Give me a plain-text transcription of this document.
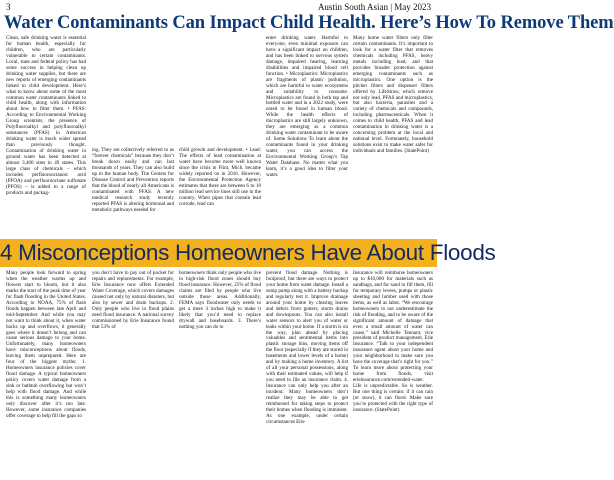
3	Austin South Asian | May 2023
Water Contaminants Can Impact Child Health. Here’s How To Remove Them

Clean, safe drinking water is essential for human health, especially for children, who are particularly vulnerable to certain contaminants. Local, state and federal policy has had some success in helping clean up drinking water supplies, but there are new reports of emerging contaminants linked to child development. Here’s what to know about some of the most common water contaminants linked to child health, along with information about how to filter them. • PFAS: According to Environmental Working Group scientists, the presence of Polyfluoroalkyl and polyfluoroalkyl substances (PFAS) in American drinking water is much wider spread than previously thought. Contamination of drinking water in ground water has been detected at almost 3,400 sites in 49 states. This large class of chemicals – which includes perfluorooctanoic acid (PFOA) and perfluorooctane sulfonate (PFOS) – is added to a range of products and packag-

ing. They are collectively referred to as “forever chemicals” because they don’t break down easily and can last thousands of years. They can also build up in the human body. The Centers for Disease Control and Prevention reports that the blood of nearly all Americans is contaminated with PFAS. A new medical research study recently reported PFAS is altering hormonal and metabolic pathways needed for

child growth and development. • Lead: The effects of lead contamination at water have become more well known since the crisis in Flint, Mich. became widely reported on in 2016. However, the Environmental Protection Agency estimates that there are between 6 to 10 million lead service lines still use in the country. When pipes that contain lead corrode, lead can

enter drinking water. Harmful to everyone, even minimal exposure can have a significant impact on children, and has been linked to nervous system damage, impaired hearing, learning disabilities and impaired blood cell function. • Microplastics: Microplastics are fragments of plastic pollution, which are harmful to water ecosystems and suitability to consume. Microplastics are found in both tap and bottled water and in a 2022 study, were noted to be found in human blood. While the health effects of microplastics are still largely unknown, they are emerging as a common drinking water contaminant to be aware of. Some Solutions To learn about the contaminants found in your drinking water, you can access the Environmental Working Group’s Tap Water Database. No matter what you learn, it’s a good idea to filter your water.

Many home water filters only filter certain contaminants. It’s important to look for a water filter that removes chemicals including PFAS, heavy metals including lead, and that provides broader protection against emerging contaminants such as microplastics. One option is the pitcher filters and dispenser filters offered by LifeStraw, which remove not only lead, PFAS and microplastics, but also bacteria, parasites and a variety of chemicals and compounds, including pharmaceuticals. When it comes to child health, PFAS and lead contamination in drinking water is a concerning problem at the local and national level. Fortunately, household solutions exist to make water safer for individuals and families. (StatePoint)

4 Misconceptions Homeowners Have About Floods

Many people look forward to spring when the weather warms up and flowers start to bloom, but it also marks the start of the peak time of year for flash flooding in the United States. According to NOAA, 75% of flash floods happen between late April and mid-September. And while you may not want to think about it, when water backs up and overflows, it generally goes where it doesn’t belong and can cause serious damage to your home. Unfortunately, many homeowners have misconceptions about floods, leaving them unprepared. Here are four of the biggest myths: 1. Homeowners insurance policies cover flood damage. A typical homeowners policy covers water damage from a sink or bathtub overflowing but won’t help with flood damage. And while this is something many homeowners only discover after it’s too late. However, some insurance companies offer coverage to help fill the gaps so

you don’t have to pay out of pocket for repairs and replacements. For example, Erie Insurance now offers Extended Water Coverage, which covers damages caused not only by natural disasters, but also by sewer and drain backups. 2. Only people who live in flood plains need flood insurance. A national survey commissioned by Erie Insurance found that 53% of

homeowners think only people who live in high-risk flood zones should buy flood insurance. However, 25% of flood claims are filed by people who live outside those areas. Additionally, FEMA says floodwater only needs to get a mere 3 inches high to make it likely that you’d need to replace drywall and baseboards. 3. There’s nothing you can do to

prevent flood damage. Nothing is foolproof, but there are ways to protect your home from water damage. Install a sump pump along with a battery backup and regularly test it. Improve drainage around your home by clearing leaves and debris from gutters, storm drains and downspouts. You can also install water sensors to alert you of water or leaks within your home. If a storm is on the way, plan ahead by placing valuables and sentimental items into plastic storage bins, moving items off the floor (especially if they are stored in basements and lower levels of a home) and by making a home inventory. A list of all your personal possessions, along with their estimated values, will help if you need to file an insurance claim. 4. Insurance can only help you after an incident. Many homeowners don’t realize they may be able to get reimbursed for taking steps to protect their homes when flooding is imminent. As one example, under certain circumstances Erie

Insurance will reimburse homeowners up to $10,000 for materials such as sandbags, and for sand to fill them, fill for temporary levees, pumps or plastic sheeting and lumber used with those items, as well as labor. “We encourage homeowners to not underestimate the risk of flooding, and to be aware of the significant amount of damage that even a small amount of water can cause,” said Michelle Tennant, vice president of product management, Erie Insurance. “Talk to your independent insurance agent about your home and your neighborhood to make sure you have the coverage that’s right for you.” To learn more about protecting your home from floods, visit erieinsurance.com/extended-water. Life is unpredictable. So is weather. But one thing is certain: if it can rain (or snow), it can flood. Make sure you’re protected with the right type of insurance. (StatePoint)
